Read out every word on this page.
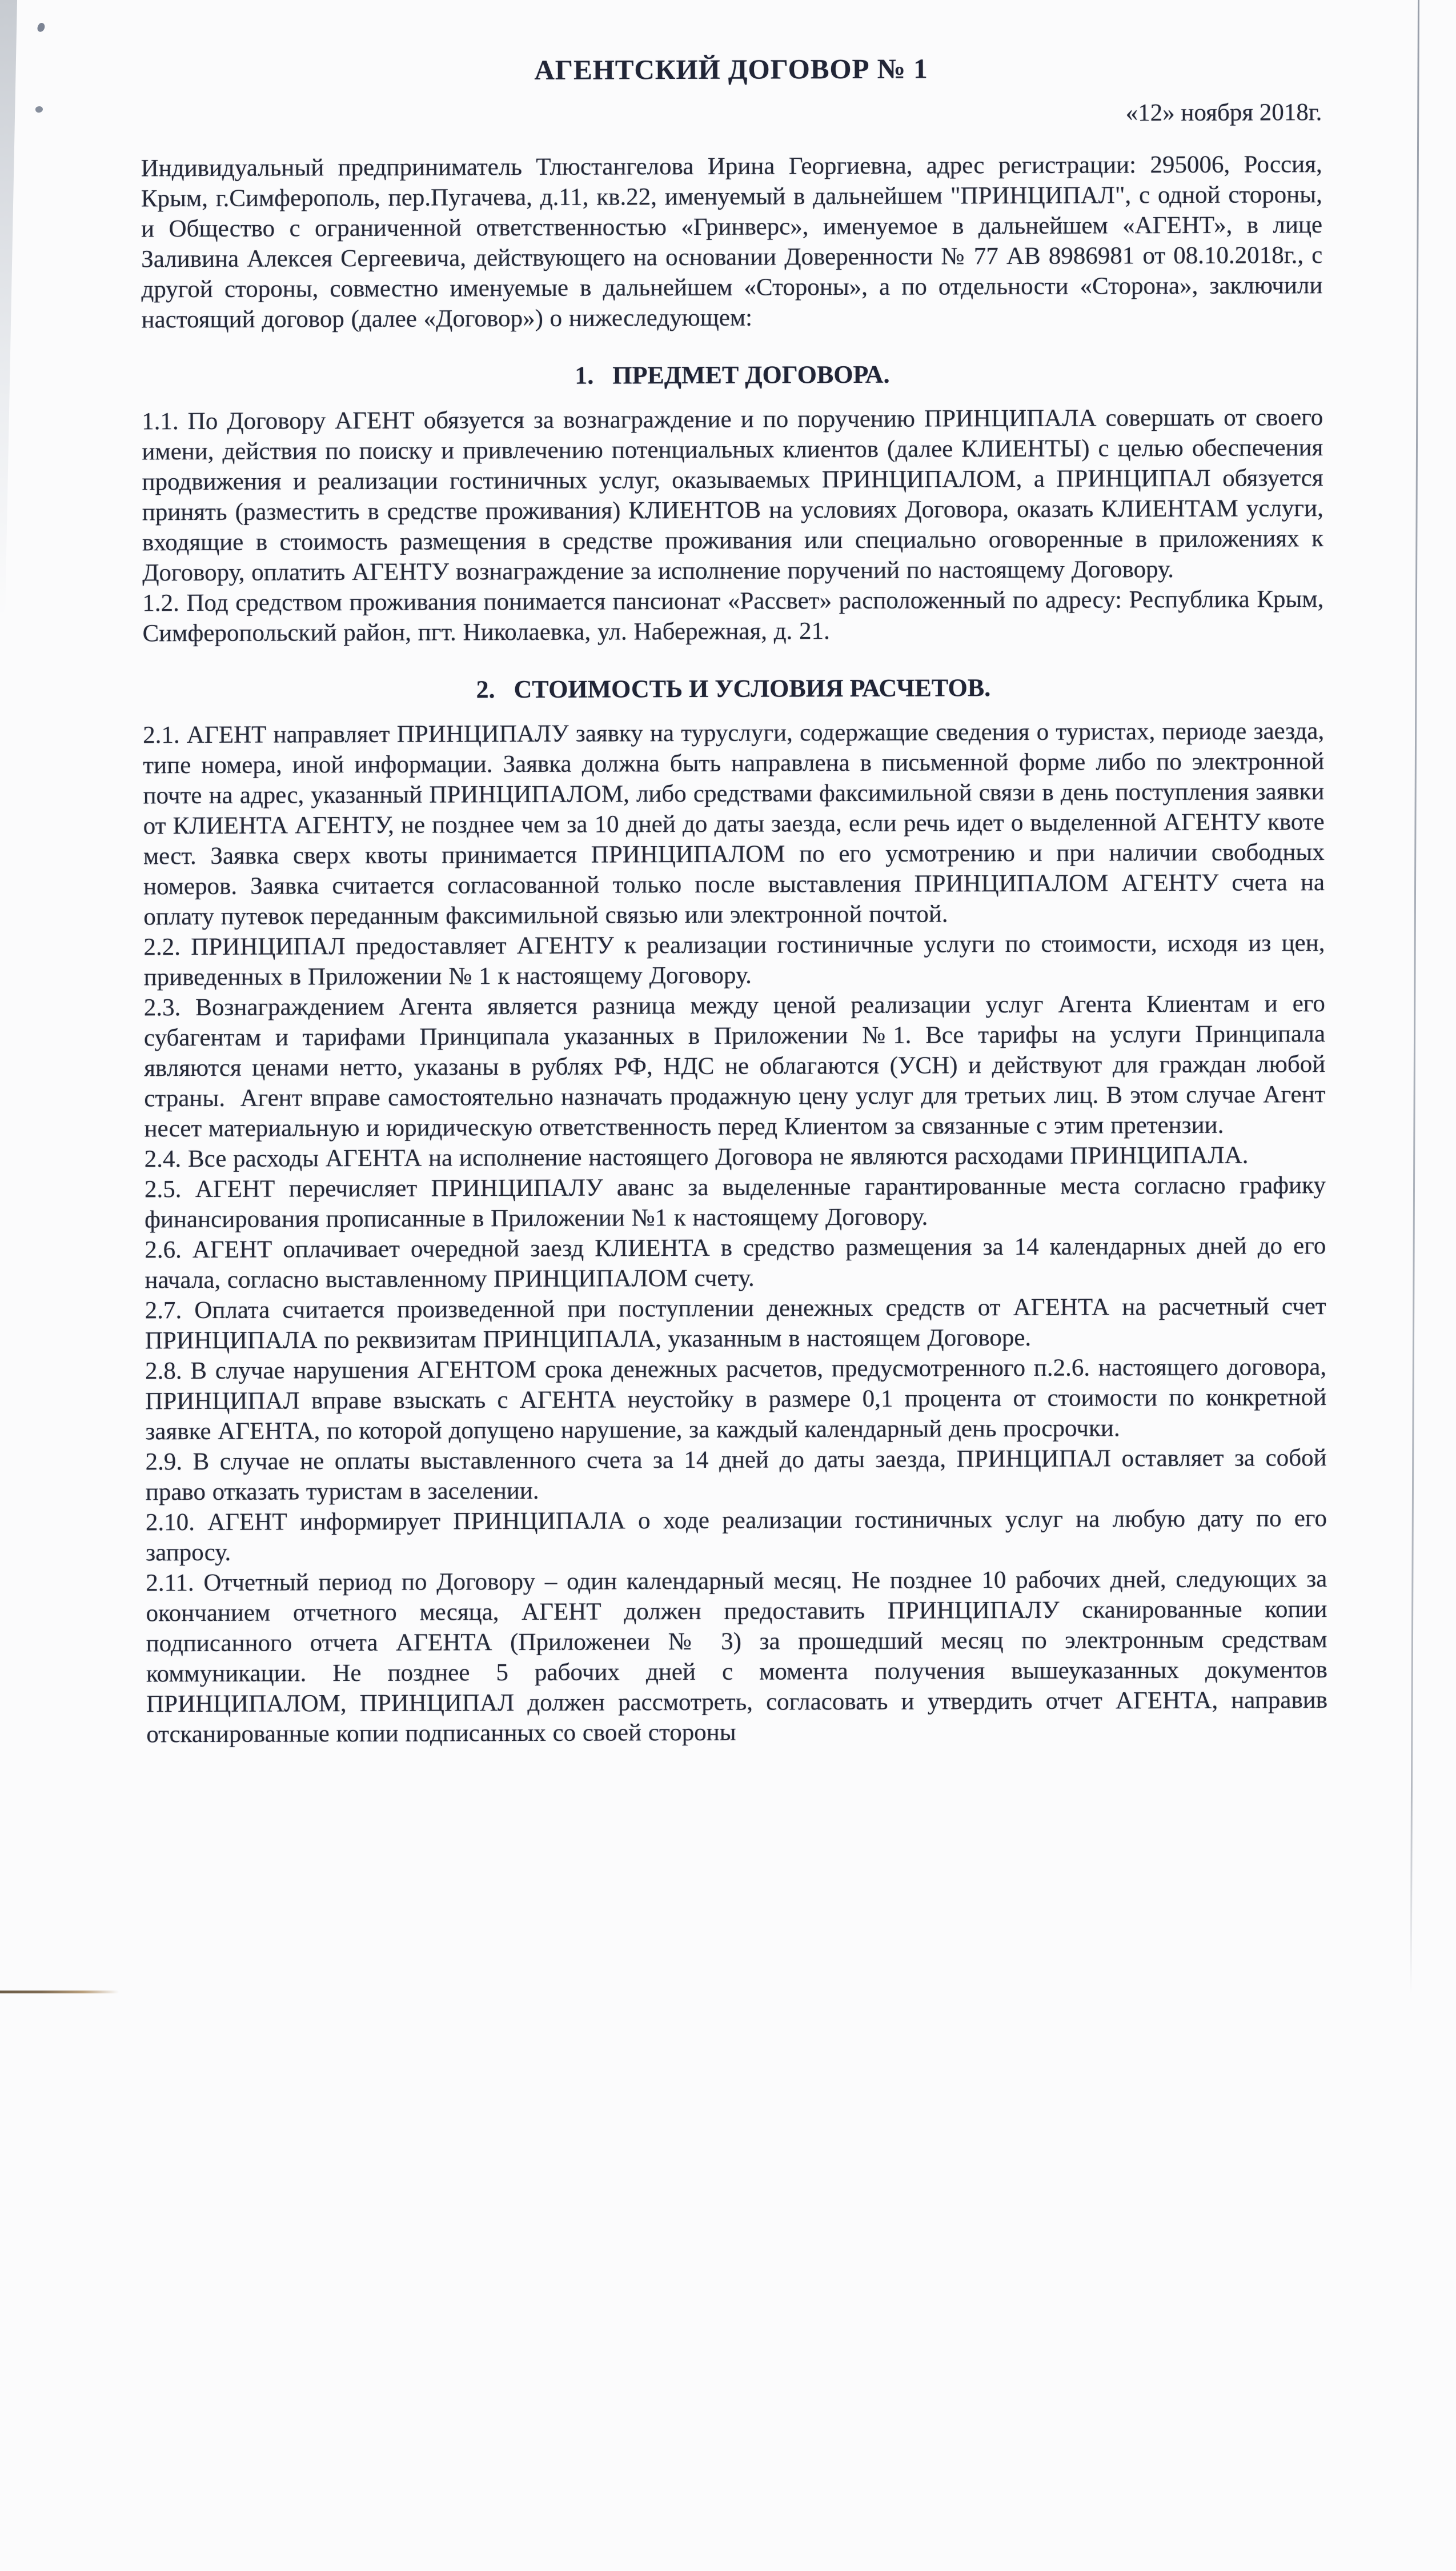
АГЕНТСКИЙ ДОГОВОР № 1
«12» ноября 2018г.

Индивидуальный предприниматель Тлюстангелова Ирина Георгиевна, адрес регистрации: 295006, Россия, Крым, г.Симферополь, пер.Пугачева, д.11, кв.22, именуемый в дальнейшем "ПРИНЦИПАЛ", с одной стороны, и Общество с ограниченной ответственностью «Гринверс», именуемое в дальнейшем «АГЕНТ», в лице Заливина Алексея Сергеевича, действующего на основании Доверенности № 77 АВ 8986981 от 08.10.2018г., с другой стороны, совместно именуемые в дальнейшем «Стороны», а по отдельности «Сторона», заключили настоящий договор (далее «Договор») о нижеследующем:

1.   ПРЕДМЕТ ДОГОВОРА.

1.1. По Договору АГЕНТ обязуется за вознаграждение и по поручению ПРИНЦИПАЛА совершать от своего имени, действия по поиску и привлечению потенциальных клиентов (далее КЛИЕНТЫ) с целью обеспечения продвижения и реализации гостиничных услуг, оказываемых ПРИНЦИПАЛОМ, а ПРИНЦИПАЛ обязуется принять (разместить в средстве проживания) КЛИЕНТОВ на условиях Договора, оказать КЛИЕНТАМ услуги, входящие в стоимость размещения в средстве проживания или специально оговоренные в приложениях к Договору, оплатить АГЕНТУ вознаграждение за исполнение поручений по настоящему Договору.

1.2. Под средством проживания понимается пансионат «Рассвет» расположенный по адресу: Республика Крым, Симферопольский район, пгт. Николаевка, ул. Набережная, д. 21.

2.   СТОИМОСТЬ И УСЛОВИЯ РАСЧЕТОВ.

2.1. АГЕНТ направляет ПРИНЦИПАЛУ заявку на туруслуги, содержащие сведения о туристах, периоде заезда, типе номера, иной информации. Заявка должна быть направлена в письменной форме либо по электронной почте на адрес, указанный ПРИНЦИПАЛОМ, либо средствами факсимильной связи в день поступления заявки от КЛИЕНТА АГЕНТУ, не позднее чем за 10 дней до даты заезда, если речь идет о выделенной АГЕНТУ квоте мест. Заявка сверх квоты принимается ПРИНЦИПАЛОМ по его усмотрению и при наличии свободных номеров. Заявка считается согласованной только после выставления ПРИНЦИПАЛОМ АГЕНТУ счета на оплату путевок переданным факсимильной связью или электронной почтой.

2.2. ПРИНЦИПАЛ предоставляет АГЕНТУ к реализации гостиничные услуги по стоимости, исходя из цен, приведенных в Приложении № 1 к настоящему Договору.

2.3. Вознаграждением Агента является разница между ценой реализации услуг Агента Клиентам и его субагентам и тарифами Принципала указанных в Приложении №1. Все тарифы на услуги Принципала являются ценами нетто, указаны в рублях РФ, НДС не облагаются (УСН) и действуют для граждан любой страны.  Агент вправе самостоятельно назначать продажную цену услуг для третьих лиц. В этом случае Агент несет материальную и юридическую ответственность перед Клиентом за связанные с этим претензии.

2.4. Все расходы АГЕНТА на исполнение настоящего Договора не являются расходами ПРИНЦИПАЛА.

2.5. АГЕНТ перечисляет ПРИНЦИПАЛУ аванс за выделенные гарантированные места согласно графику финансирования прописанные в Приложении №1 к настоящему Договору.

2.6. АГЕНТ оплачивает очередной заезд КЛИЕНТА в средство размещения за 14 календарных дней до его начала, согласно выставленному ПРИНЦИПАЛОМ счету.

2.7. Оплата считается произведенной при поступлении денежных средств от АГЕНТА на расчетный счет ПРИНЦИПАЛА по реквизитам ПРИНЦИПАЛА, указанным в настоящем Договоре.

2.8. В случае нарушения АГЕНТОМ срока денежных расчетов, предусмотренного п.2.6. настоящего договора, ПРИНЦИПАЛ вправе взыскать с АГЕНТА неустойку в размере 0,1 процента от стоимости по конкретной заявке АГЕНТА, по которой допущено нарушение, за каждый календарный день просрочки.

2.9. В случае не оплаты выставленного счета за 14 дней до даты заезда, ПРИНЦИПАЛ оставляет за собой право отказать туристам в заселении.

2.10. АГЕНТ информирует ПРИНЦИПАЛА о ходе реализации гостиничных услуг на любую дату по его запросу.

2.11. Отчетный период по Договору – один календарный месяц. Не позднее 10 рабочих дней, следующих за окончанием отчетного месяца, АГЕНТ должен предоставить ПРИНЦИПАЛУ сканированные копии подписанного отчета АГЕНТА (Приложенеи № 3) за прошедший месяц по электронным средствам коммуникации. Не позднее 5 рабочих дней с момента получения вышеуказанных документов ПРИНЦИПАЛОМ, ПРИНЦИПАЛ должен рассмотреть, согласовать и утвердить отчет АГЕНТА, направив отсканированные копии подписанных со своей стороны
